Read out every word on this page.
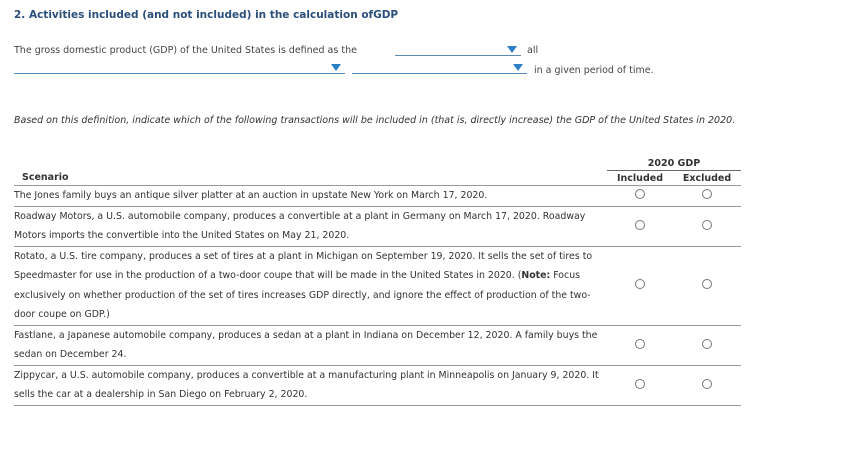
2. Activities included (and not included) in the calculation ofGDP
The gross domestic product (GDP) of the United States is defined as the	all
in a given period of time.
Based on this definition, indicate which of the following transactions will be included in (that is, directly increase) the GDP of the United States in 2020.
	2020 GDP	
Scenario	Included	Excluded
The Jones family buys an antique silver platter at an auction in upstate New York on March 17, 2020.		
Roadway Motors, a U.S. automobile company, produces a convertible at a plant in Germany on March 17, 2020. Roadway Motors imports the convertible into the United States on May 21, 2020.		
Rotato, a U.S. tire company, produces a set of tires at a plant in Michigan on September 19, 2020. It sells the set of tires to Speedmaster for use in the production of a two-door coupe that will be made in the United States in 2020. (Note: Focus exclusively on whether production of the set of tires increases GDP directly, and ignore the effect of production of the two-door coupe on GDP.)		
Fastlane, a Japanese automobile company, produces a sedan at a plant in Indiana on December 12, 2020. A family buys the sedan on December 24.		
Zippycar, a U.S. automobile company, produces a convertible at a manufacturing plant in Minneapolis on January 9, 2020. It sells the car at a dealership in San Diego on February 2, 2020.		
